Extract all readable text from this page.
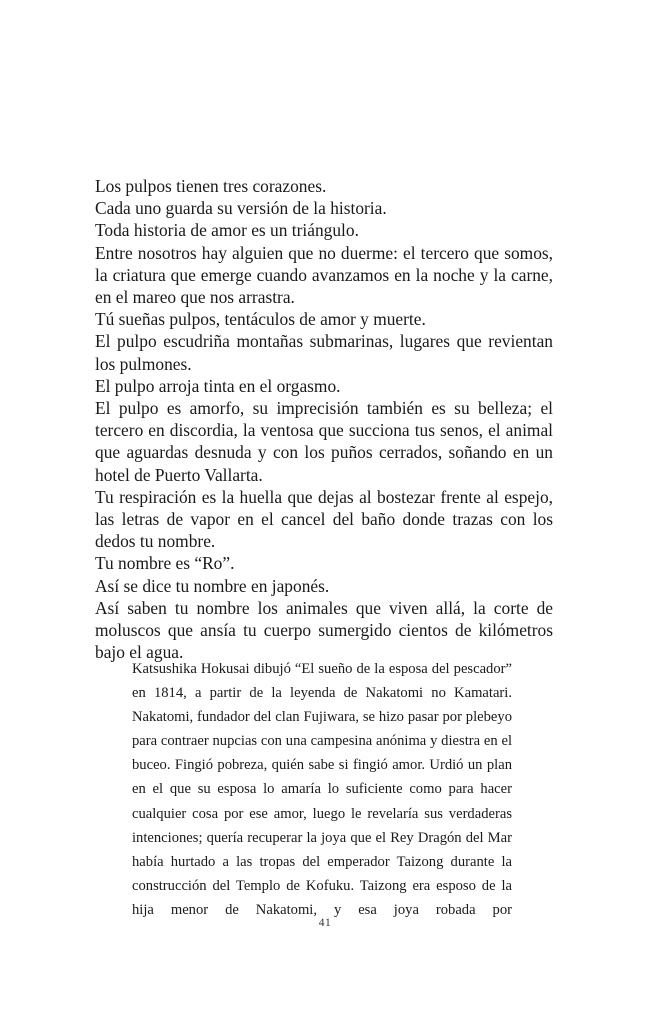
Los pulpos tienen tres corazones.
Cada uno guarda su versión de la historia.
Toda historia de amor es un triángulo.
Entre nosotros hay alguien que no duerme: el tercero que somos, la criatura que emerge cuando avanzamos en la noche y la carne, en el mareo que nos arrastra.
Tú sueñas pulpos, tentáculos de amor y muerte.
El pulpo escudriña montañas submarinas, lugares que revientan los pulmones.
El pulpo arroja tinta en el orgasmo.
El pulpo es amorfo, su imprecisión también es su belleza; el tercero en discordia, la ventosa que succiona tus senos, el animal que aguardas desnuda y con los puños cerrados, soñando en un hotel de Puerto Vallarta.
Tu respiración es la huella que dejas al bostezar frente al espejo, las letras de vapor en el cancel del baño donde trazas con los dedos tu nombre.
Tu nombre es “Ro”.
Así se dice tu nombre en japonés.
Así saben tu nombre los animales que viven allá, la corte de moluscos que ansía tu cuerpo sumergido cientos de kilómetros bajo el agua.

Katsushika Hokusai dibujó “El sueño de la esposa del pescador” en 1814, a partir de la leyenda de Nakatomi no Kamatari. Nakatomi, fundador del clan Fujiwara, se hizo pasar por plebeyo para contraer nupcias con una campesina anónima y diestra en el buceo. Fingió pobreza, quién sabe si fingió amor. Urdió un plan en el que su esposa lo amaría lo suficiente como para hacer cualquier cosa por ese amor, luego le revelaría sus verdaderas intenciones; quería recuperar la joya que el Rey Dragón del Mar había hurtado a las tropas del emperador Taizong durante la construcción del Templo de Kofuku. Taizong era esposo de la hija menor de Nakatomi, y esa joya robada por

41
